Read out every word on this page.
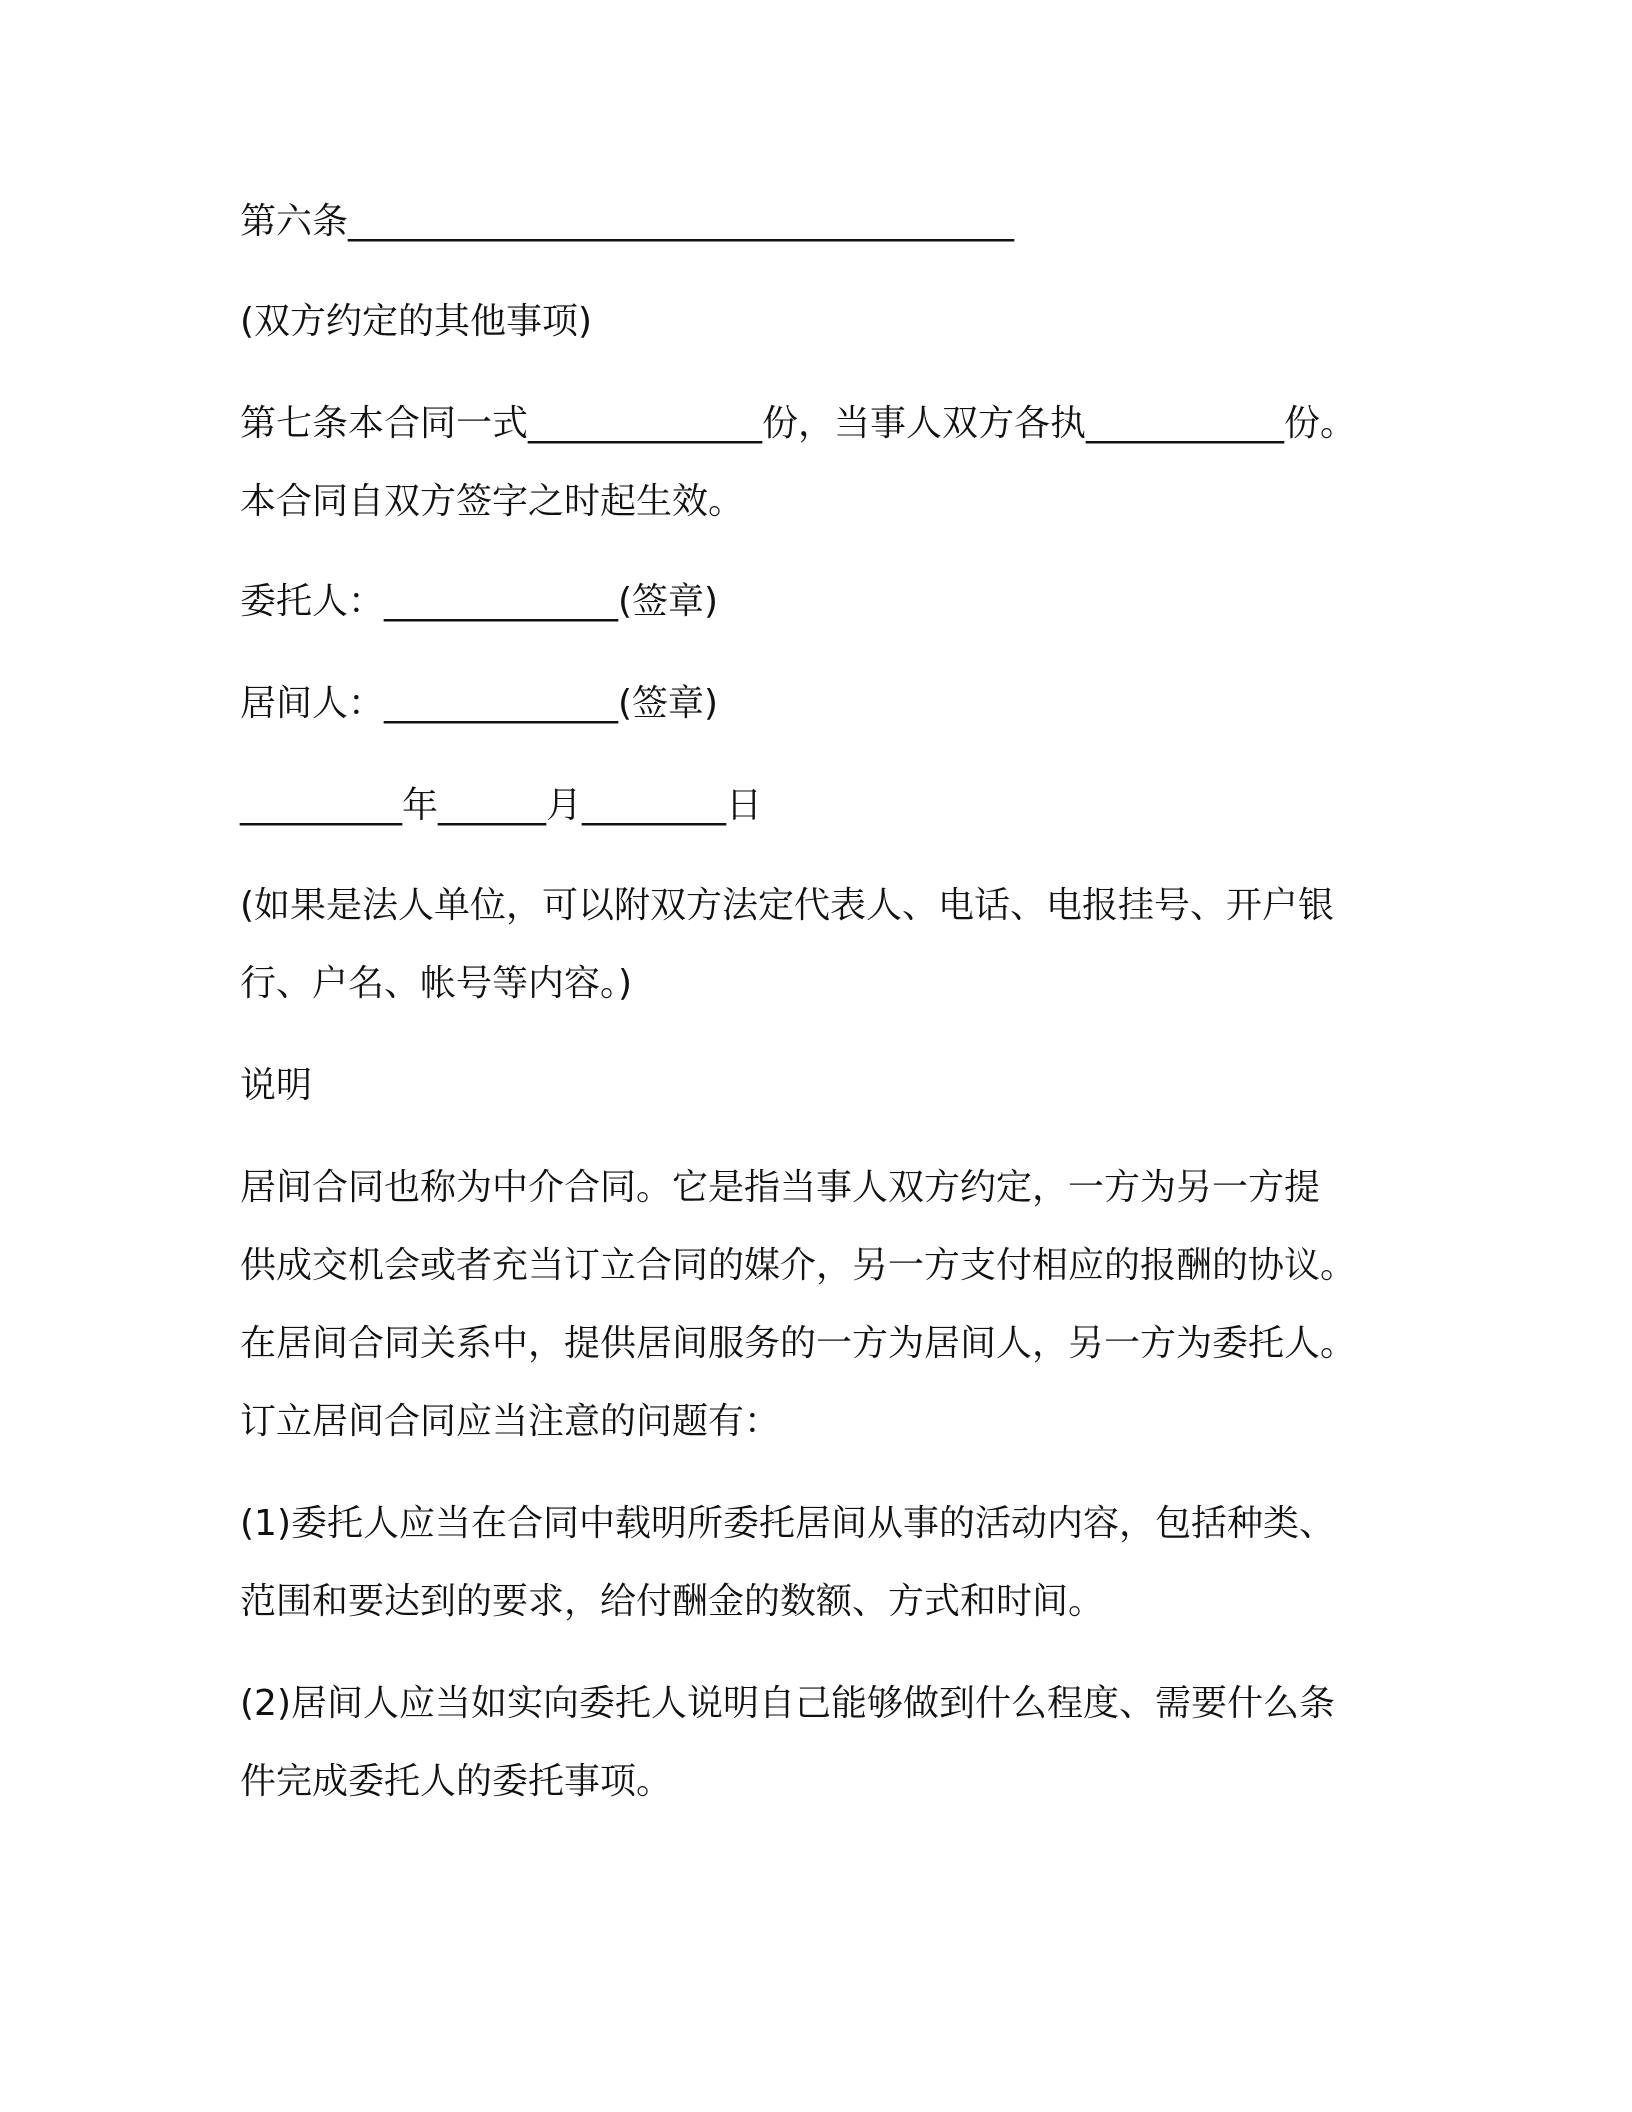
第六条_____________________________________
(双方约定的其他事项)
第七条本合同一式_____________份，当事人双方各执___________份。
本合同自双方签字之时起生效。
委托人：_____________(签章)
居间人：_____________(签章)
_________年______月________日
(如果是法人单位，可以附双方法定代表人、电话、电报挂号、开户银
行、户名、帐号等内容。)
说明
居间合同也称为中介合同。它是指当事人双方约定，一方为另一方提
供成交机会或者充当订立合同的媒介，另一方支付相应的报酬的协议。
在居间合同关系中，提供居间服务的一方为居间人，另一方为委托人。
订立居间合同应当注意的问题有：
(1)委托人应当在合同中载明所委托居间从事的活动内容，包括种类、
范围和要达到的要求，给付酬金的数额、方式和时间。
(2)居间人应当如实向委托人说明自己能够做到什么程度、需要什么条
件完成委托人的委托事项。
